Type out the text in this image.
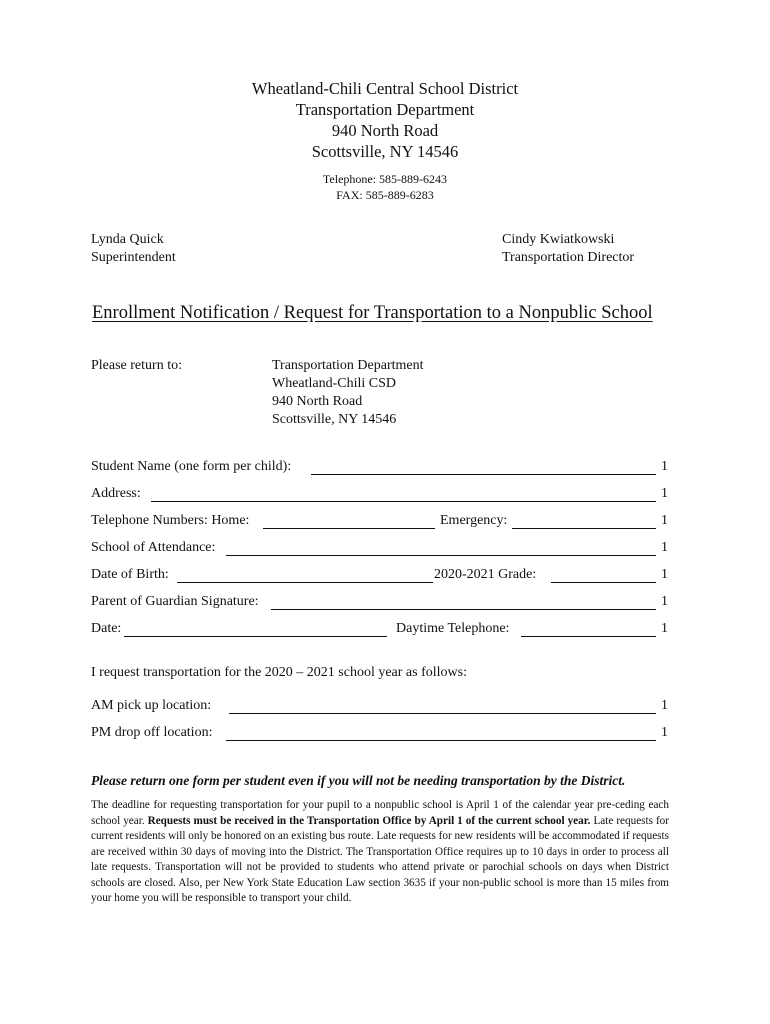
Wheatland-Chili Central School District
Transportation Department
940 North Road
Scottsville, NY 14546
Telephone: 585-889-6243
FAX: 585-889-6283
Lynda Quick
Superintendent
Cindy Kwiatkowski
Transportation Director
Enrollment Notification / Request for Transportation to a Nonpublic School
Please return to:	Transportation Department
Wheatland-Chili CSD
940 North Road
Scottsville, NY 14546
Student Name (one form per child):	1
Address:	1
Telephone Numbers: Home:	Emergency:	1
School of Attendance:	1
Date of Birth:	2020-2021 Grade:	1
Parent of Guardian Signature:	1
Date:	Daytime Telephone:	1
I request transportation for the 2020 – 2021 school year as follows:
AM pick up location:	1
PM drop off location:	1
Please return one form per student even if you will not be needing transportation by the District.
The deadline for requesting transportation for your pupil to a nonpublic school is April 1 of the calendar year pre-ceding each school year. Requests must be received in the Transportation Office by April 1 of the current school year. Late requests for current residents will only be honored on an existing bus route. Late requests for new residents will be accommodated if requests are received within 30 days of moving into the District. The Transportation Office requires up to 10 days in order to process all late requests. Transportation will not be provided to students who attend private or parochial schools on days when District schools are closed. Also, per New York State Education Law section 3635 if your non-public school is more than 15 miles from your home you will be responsible to transport your child.
